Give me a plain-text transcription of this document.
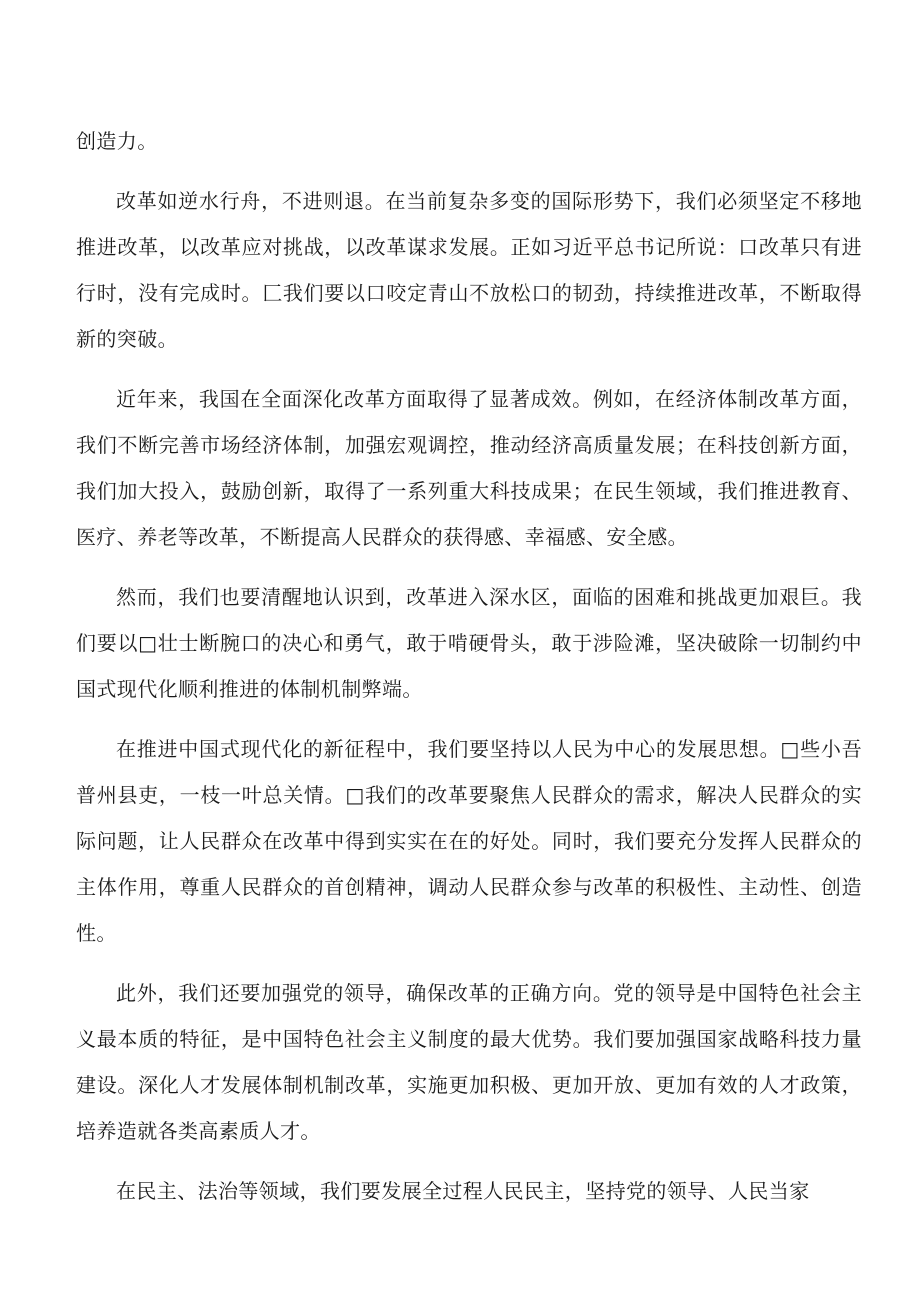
创造力。

改革如逆水行舟，不进则退。在当前复杂多变的国际形势下，我们必须坚定不移地推进改革，以改革应对挑战，以改革谋求发展。正如习近平总书记所说：口改革只有进行时，没有完成时。匚我们要以口咬定青山不放松口的韧劲，持续推进改革，不断取得新的突破。

近年来，我国在全面深化改革方面取得了显著成效。例如，在经济体制改革方面，我们不断完善市场经济体制，加强宏观调控，推动经济高质量发展；在科技创新方面，我们加大投入，鼓励创新，取得了一系列重大科技成果；在民生领域，我们推进教育、医疗、养老等改革，不断提高人民群众的获得感、幸福感、安全感。

然而，我们也要清醒地认识到，改革进入深水区，面临的困难和挑战更加艰巨。我们要以□壮士断腕口的决心和勇气，敢于啃硬骨头，敢于涉险滩，坚决破除一切制约中国式现代化顺利推进的体制机制弊端。

在推进中国式现代化的新征程中，我们要坚持以人民为中心的发展思想。□些小吾普州县吏，一枝一叶总关情。□我们的改革要聚焦人民群众的需求，解决人民群众的实际问题，让人民群众在改革中得到实实在在的好处。同时，我们要充分发挥人民群众的主体作用，尊重人民群众的首创精神，调动人民群众参与改革的积极性、主动性、创造性。

此外，我们还要加强党的领导，确保改革的正确方向。党的领导是中国特色社会主义最本质的特征，是中国特色社会主义制度的最大优势。我们要加强国家战略科技力量建设。深化人才发展体制机制改革，实施更加积极、更加开放、更加有效的人才政策，培养造就各类高素质人才。

在民主、法治等领域，我们要发展全过程人民民主，坚持党的领导、人民当家
